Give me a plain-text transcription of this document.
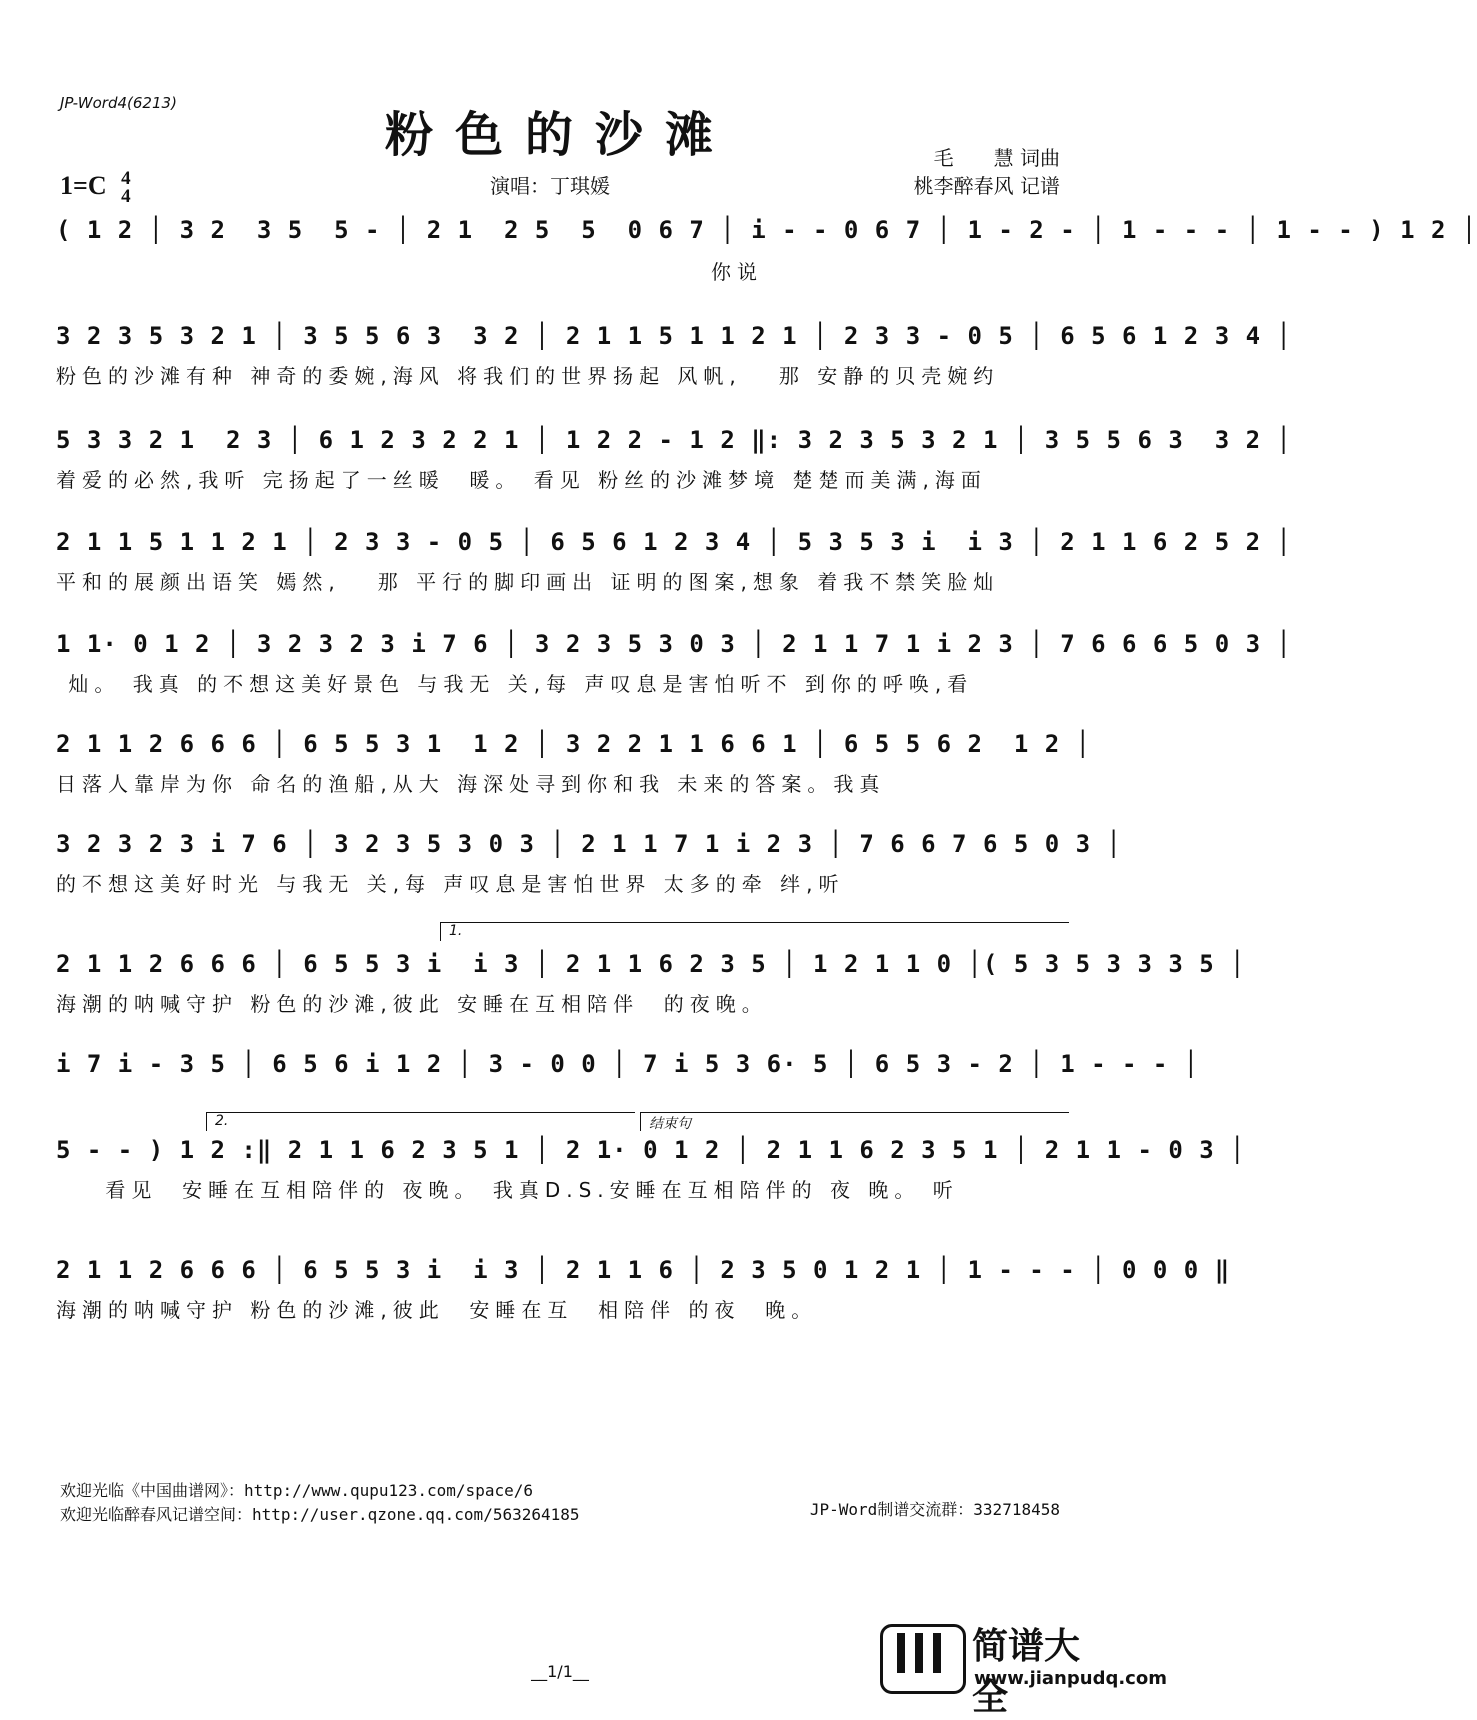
JP-Word4(6213)
粉色的沙滩
1=C 4
4	演唱：丁琪媛
毛　　慧 词曲
桃李醉春风 记谱
( 1 2 │ 3 2  3 5  5 - │ 2 1  2 5  5  0 6 7 │ i - - 0 6 7 │ 1 - 2 - │ 1 - - - │ 1 - - ) 1 2 │
你说
3 2 3 5 3 2 1 │ 3 5 5 6 3  3 2 │ 2 1 1 5 1 1 2 1 │ 2 3 3 - 0 5 │ 6 5 6 1 2 3 4 │
粉色的沙滩有种 神奇的委婉,海风 将我们的世界扬起 风帆,   那 安静的贝壳婉约
5 3 3 2 1  2 3 │ 6 1 2 3 2 2 1 │ 1 2 2 - 1 2 ‖: 3 2 3 5 3 2 1 │ 3 5 5 6 3  3 2 │
着爱的必然,我听 完扬起了一丝暖  暖。 看见 粉丝的沙滩梦境 楚楚而美满,海面
2 1 1 5 1 1 2 1 │ 2 3 3 - 0 5 │ 6 5 6 1 2 3 4 │ 5 3 5 3 i  i 3 │ 2 1 1 6 2 5 2 │
平和的展颜出语笑 嫣然,   那 平行的脚印画出 证明的图案,想象 着我不禁笑脸灿
1 1· 0 1 2 │ 3 2 3 2 3 i 7 6 │ 3 2 3 5 3 0 3 │ 2 1 1 7 1 i 2 3 │ 7 6 6 6 5 0 3 │
灿。 我真 的不想这美好景色 与我无 关,每 声叹息是害怕听不 到你的呼唤,看
2 1 1 2 6 6 6 │ 6 5 5 3 1  1 2 │ 3 2 2 1 1 6 6 1 │ 6 5 5 6 2  1 2 │
日落人靠岸为你 命名的渔船,从大 海深处寻到你和我 未来的答案。我真
3 2 3 2 3 i 7 6 │ 3 2 3 5 3 0 3 │ 2 1 1 7 1 i 2 3 │ 7 6 6 7 6 5 0 3 │
的不想这美好时光 与我无 关,每 声叹息是害怕世界 太多的牵 绊,听
1.
2 1 1 2 6 6 6 │ 6 5 5 3 i  i 3 │ 2 1 1 6 2 3 5 │ 1 2 1 1 0 │( 5 3 5 3 3 3 5 │
海潮的呐喊守护 粉色的沙滩,彼此 安睡在互相陪伴  的夜晚。
i 7 i - 3 5 │ 6 5 6 i 1 2 │ 3 - 0 0 │ 7 i 5 3 6· 5 │ 6 5 3 - 2 │ 1 - - - │
2.	结束句
5 - - ) 1 2 :‖ 2 1 1 6 2 3 5 1 │ 2 1· 0 1 2 │ 2 1 1 6 2 3 5 1 │ 2 1 1 - 0 3 │
看见  安睡在互相陪伴的 夜晚。 我真D.S.安睡在互相陪伴的 夜 晚。 听
2 1 1 2 6 6 6 │ 6 5 5 3 i  i 3 │ 2 1 1 6 │ 2 3 5 0 1 2 1 │ 1 - - - │ 0 0 0 ‖
海潮的呐喊守护 粉色的沙滩,彼此  安睡在互  相陪伴 的夜  晚。
欢迎光临《中国曲谱网》：http://www.qupu123.com/space/6
欢迎光临醉春风记谱空间：http://user.qzone.qq.com/563264185	JP-Word制谱交流群：332718458
__1/1__
简谱大全
www.jianpudq.com
